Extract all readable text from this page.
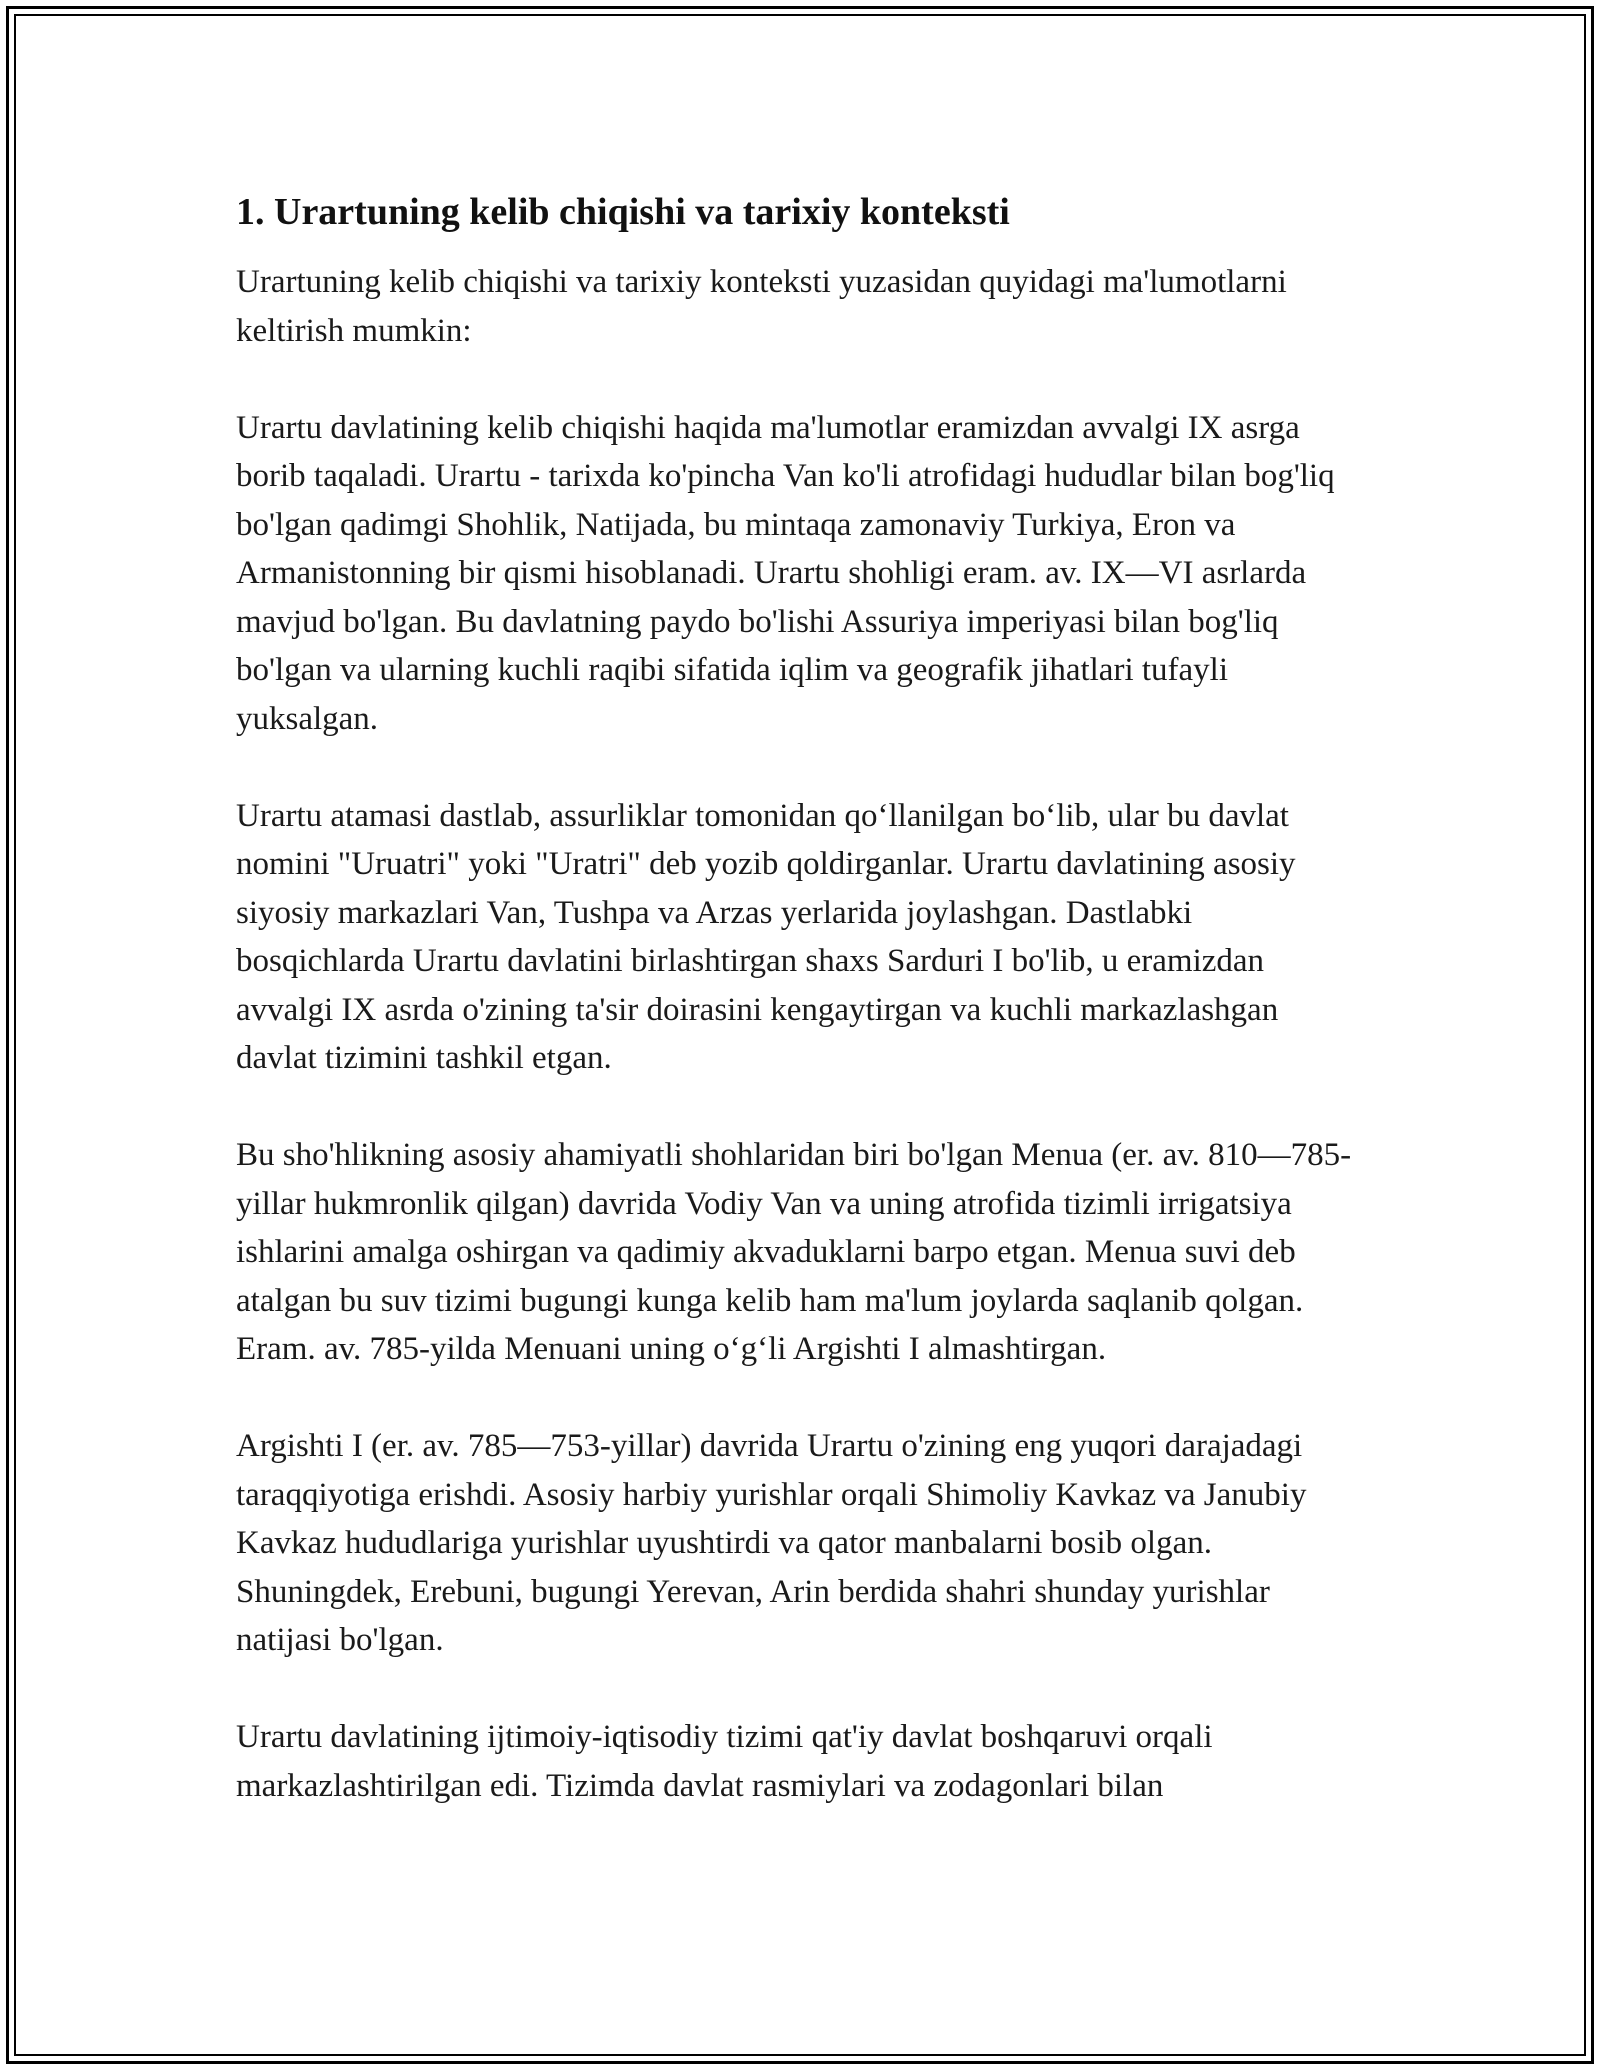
1. Urartuning kelib chiqishi va tarixiy konteksti

Urartuning kelib chiqishi va tarixiy konteksti yuzasidan quyidagi ma'lumotlarni keltirish mumkin:

Urartu davlatining kelib chiqishi haqida ma'lumotlar eramizdan avvalgi IX asrga borib taqaladi. Urartu - tarixda ko'pincha Van ko'li atrofidagi hududlar bilan bog'liq bo'lgan qadimgi Shohlik, Natijada, bu mintaqa zamonaviy Turkiya, Eron va Armanistonning bir qismi hisoblanadi. Urartu shohligi eram. av. IX—VI asrlarda mavjud bo'lgan. Bu davlatning paydo bo'lishi Assuriya imperiyasi bilan bog'liq bo'lgan va ularning kuchli raqibi sifatida iqlim va geografik jihatlari tufayli yuksalgan.

Urartu atamasi dastlab, assurliklar tomonidan qo‘llanilgan bo‘lib, ular bu davlat nomini "Uruatri" yoki "Uratri" deb yozib qoldirganlar. Urartu davlatining asosiy siyosiy markazlari Van, Tushpa va Arzas yerlarida joylashgan. Dastlabki bosqichlarda Urartu davlatini birlashtirgan shaxs Sarduri I bo'lib, u eramizdan avvalgi IX asrda o'zining ta'sir doirasini kengaytirgan va kuchli markazlashgan davlat tizimini tashkil etgan.

Bu sho'hlikning asosiy ahamiyatli shohlaridan biri bo'lgan Menua (er. av. 810—785-yillar hukmronlik qilgan) davrida Vodiy Van va uning atrofida tizimli irrigatsiya ishlarini amalga oshirgan va qadimiy akvaduklarni barpo etgan. Menua suvi deb atalgan bu suv tizimi bugungi kunga kelib ham ma'lum joylarda saqlanib qolgan. Eram. av. 785-yilda Menuani uning o‘g‘li Argishti I almashtirgan.

Argishti I (er. av. 785—753-yillar) davrida Urartu o'zining eng yuqori darajadagi taraqqiyotiga erishdi. Asosiy harbiy yurishlar orqali Shimoliy Kavkaz va Janubiy Kavkaz hududlariga yurishlar uyushtirdi va qator manbalarni bosib olgan. Shuningdek, Erebuni, bugungi Yerevan, Arin berdida shahri shunday yurishlar natijasi bo'lgan.

Urartu davlatining ijtimoiy-iqtisodiy tizimi qat'iy davlat boshqaruvi orqali markazlashtirilgan edi. Tizimda davlat rasmiylari va zodagonlari bilan
